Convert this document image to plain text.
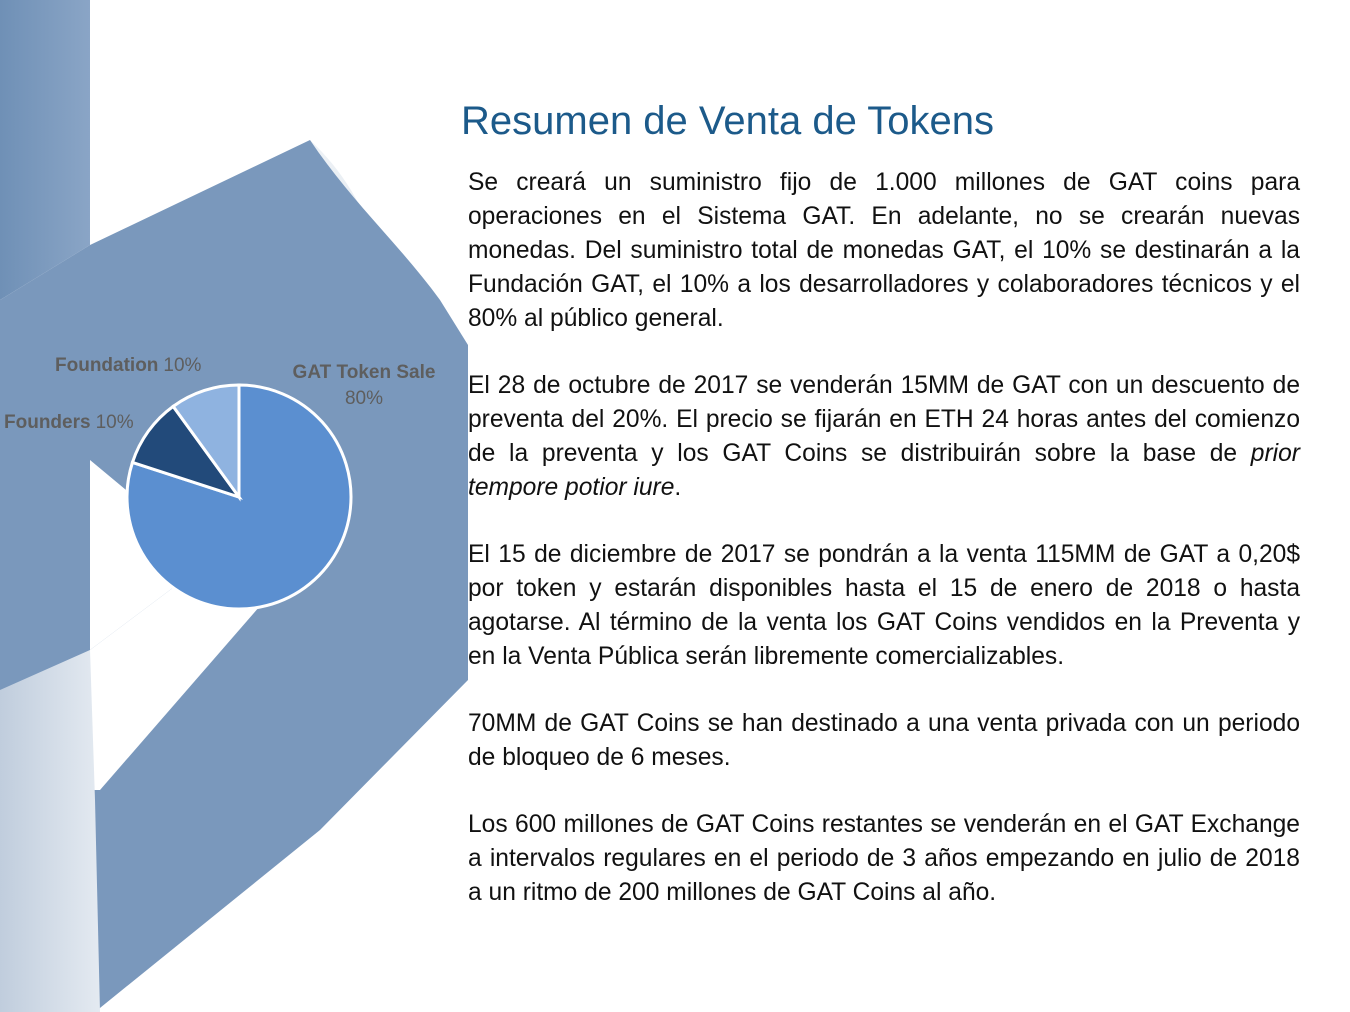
Foundation 10%
Founders 10%
GAT Token Sale
80%
Resumen de Venta de Tokens

Se creará un suministro fijo de 1.000 millones de GAT coins para operaciones en el Sistema GAT. En adelante, no se crearán nuevas monedas. Del suministro total de monedas GAT, el 10% se destinarán a la Fundación GAT, el 10% a los desarrolladores y colaboradores técnicos y el 80% al público general.

El 28 de octubre de 2017 se venderán 15MM de GAT con un descuento de preventa del 20%. El precio se fijarán en ETH 24 horas antes del comienzo de la preventa y los GAT Coins se distribuirán sobre la base de prior tempore potior iure.

El 15 de diciembre de 2017 se pondrán a la venta 115MM de GAT a 0,20$ por token y estarán disponibles hasta el 15 de enero de 2018 o hasta agotarse. Al término de la venta los GAT Coins vendidos en la Preventa y en la Venta Pública serán libremente comercializables.

70MM de GAT Coins se han destinado a una venta privada con un periodo de bloqueo de 6 meses.

Los 600 millones de GAT Coins restantes se venderán en el GAT Exchange a intervalos regulares en el periodo de 3 años empezando en julio de 2018 a un ritmo de 200 millones de GAT Coins al año.
